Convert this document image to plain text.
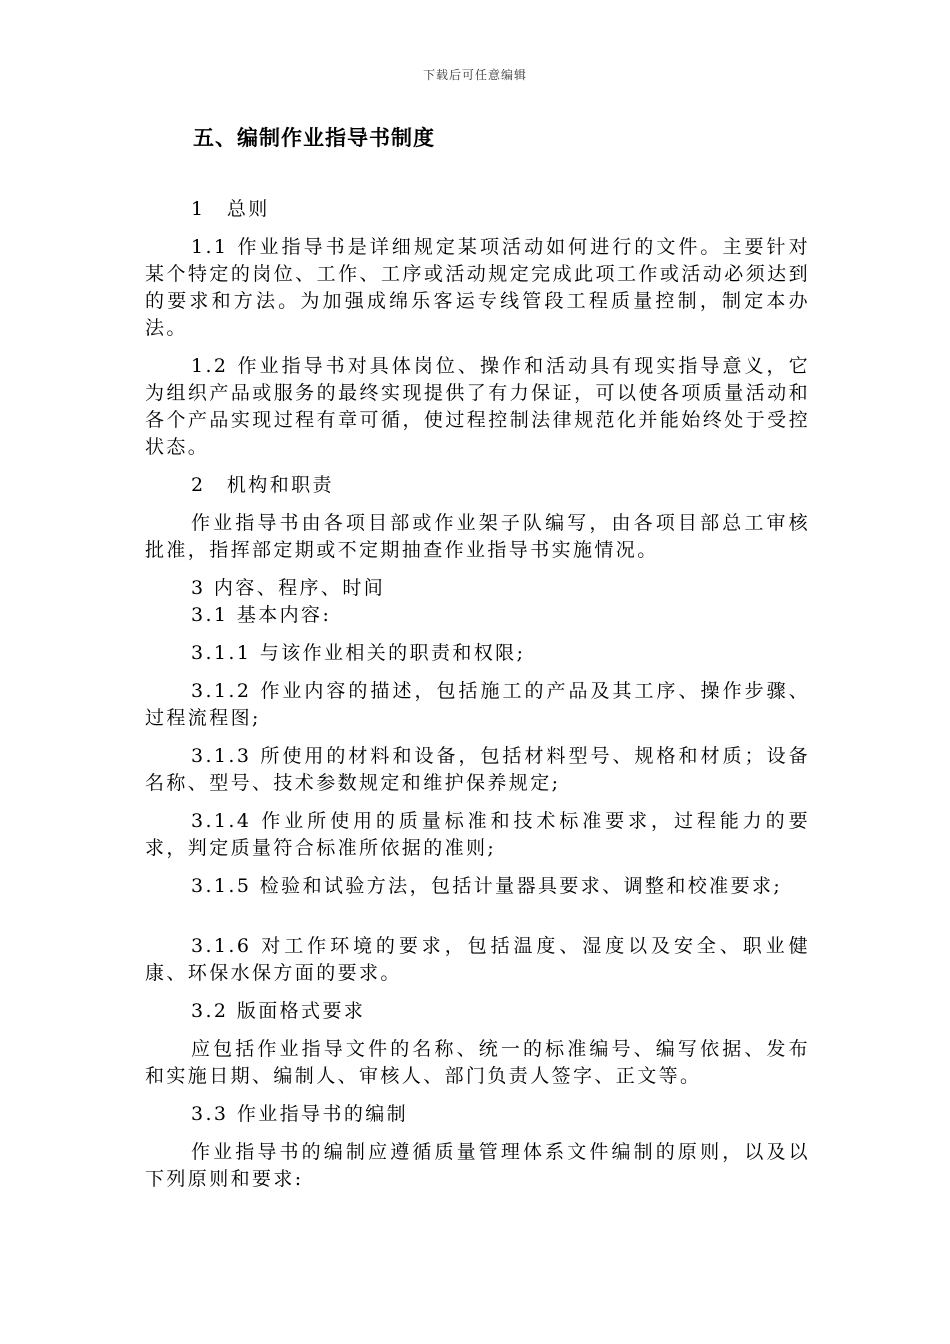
下载后可任意编辑
五、编制作业指导书制度

1　总则

1.1 作业指导书是详细规定某项活动如何进行的文件。主要针对某个特定的岗位、工作、工序或活动规定完成此项工作或活动必须达到的要求和方法。为加强成绵乐客运专线管段工程质量控制，制定本办法。

1.2 作业指导书对具体岗位、操作和活动具有现实指导意义，它为组织产品或服务的最终实现提供了有力保证，可以使各项质量活动和各个产品实现过程有章可循，使过程控制法律规范化并能始终处于受控状态。

2　机构和职责

作业指导书由各项目部或作业架子队编写，由各项目部总工审核批准，指挥部定期或不定期抽查作业指导书实施情况。

3 内容、程序、时间

3.1 基本内容:

3.1.1 与该作业相关的职责和权限;

3.1.2 作业内容的描述，包括施工的产品及其工序、操作步骤、过程流程图;

3.1.3 所使用的材料和设备，包括材料型号、规格和材质；设备名称、型号、技术参数规定和维护保养规定;

3.1.4 作业所使用的质量标准和技术标准要求，过程能力的要求，判定质量符合标准所依据的准则;

3.1.5 检验和试验方法，包括计量器具要求、调整和校准要求;

3.1.6 对工作环境的要求，包括温度、湿度以及安全、职业健康、环保水保方面的要求。

3.2 版面格式要求

应包括作业指导文件的名称、统一的标准编号、编写依据、发布和实施日期、编制人、审核人、部门负责人签字、正文等。

3.3 作业指导书的编制

作业指导书的编制应遵循质量管理体系文件编制的原则，以及以下列原则和要求:
